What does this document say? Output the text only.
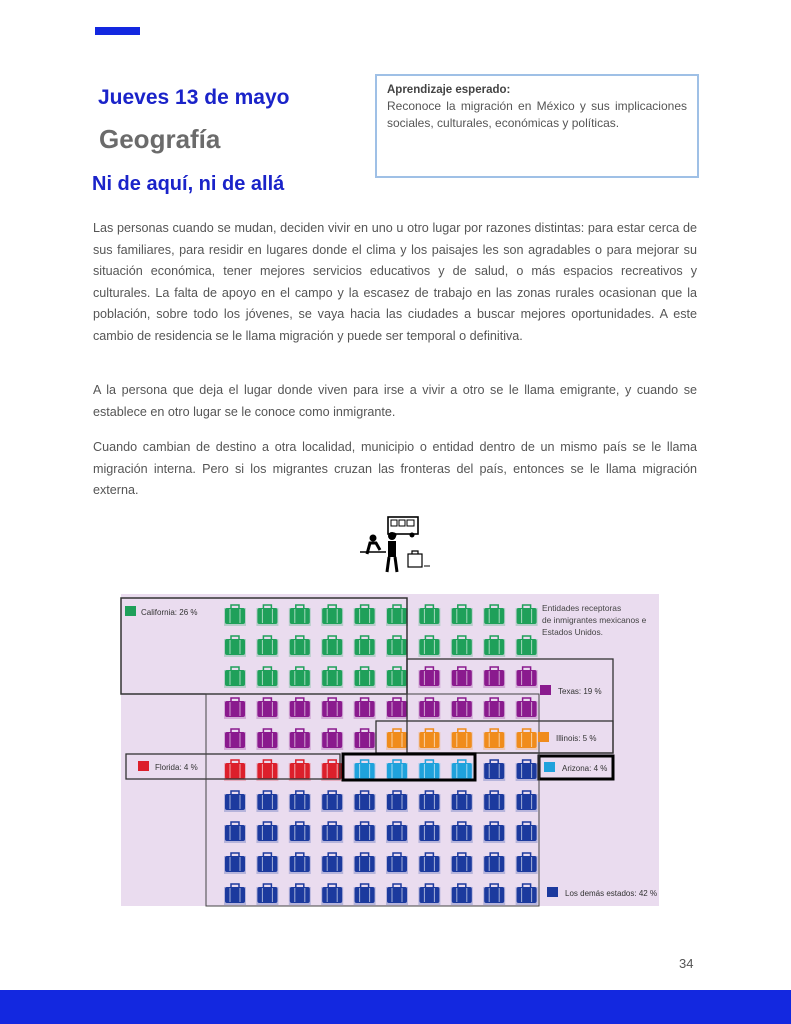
Jueves 13 de mayo
Geografía
Ni de aquí, ni de allá
Aprendizaje esperado:
Reconoce la migración en México y sus implicaciones sociales, culturales, económicas y políticas.

Las personas cuando se mudan, deciden vivir en uno u otro lugar por razones distintas: para estar cerca de sus familiares, para residir en lugares donde el clima y los paisajes les son agradables o para mejorar su situación económica, tener mejores servicios educativos y de salud, o más espacios recreativos y culturales. La falta de apoyo en el campo y la escasez de trabajo en las zonas rurales ocasionan que la población, sobre todo los jóvenes, se vaya hacia las ciudades a buscar mejores oportunidades. A este cambio de residencia se le llama migración y puede ser temporal o definitiva.

A la persona que deja el lugar donde viven para irse a vivir a otro se le llama emigrante, y cuando se establece en otro lugar se le conoce como inmigrante.

Cuando cambian de destino a otra localidad, municipio o entidad dentro de un mismo país se le llama migración interna. Pero si los migrantes cruzan las fronteras del país, entonces se le llama migración externa.

Entidades receptoras
de inmigrantes mexicanos e
Estados Unidos.
California: 26 %
Texas: 19 %
Illinois: 5 %
Florida: 4 %	Arizona: 4 %
Los demás estados: 42 %
34
